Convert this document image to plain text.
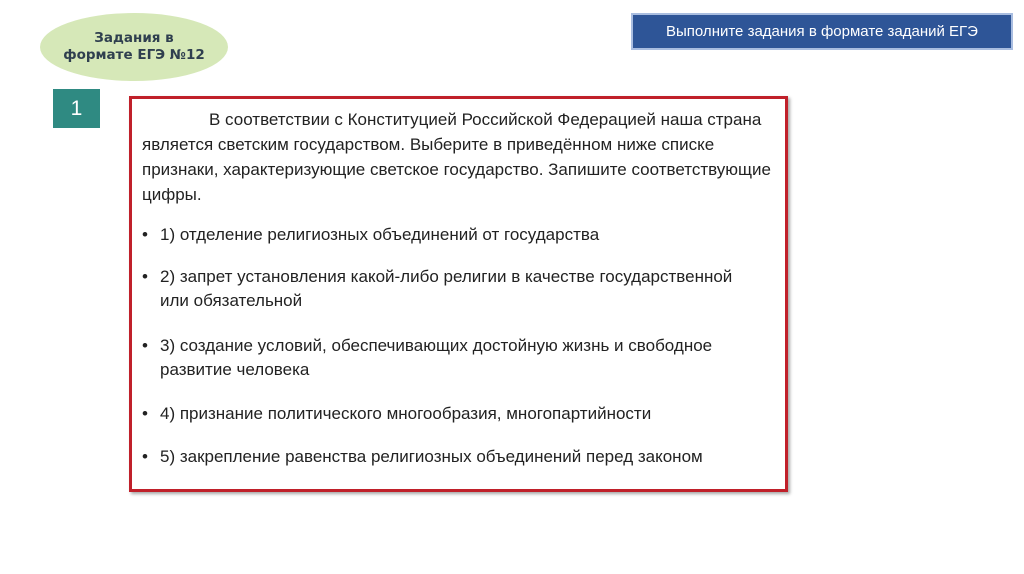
Задания в формате ЕГЭ №12
Выполните задания в формате заданий ЕГЭ
1	В соответствии с Конституцией Российской Федерацией наша страна является светским государством. Выберите в приведённом ниже списке признаки, характеризующие светское государство. Запишите соответствующие цифры.

• 1) отделение религиозных объединений от государства
• 2) запрет установления какой-либо религии в качестве государственной или обязательной
• 3) создание условий, обеспечивающих достойную жизнь и свободное развитие человека
• 4) признание политического многообразия, многопартийности
• 5) закрепление равенства религиозных объединений перед законом
